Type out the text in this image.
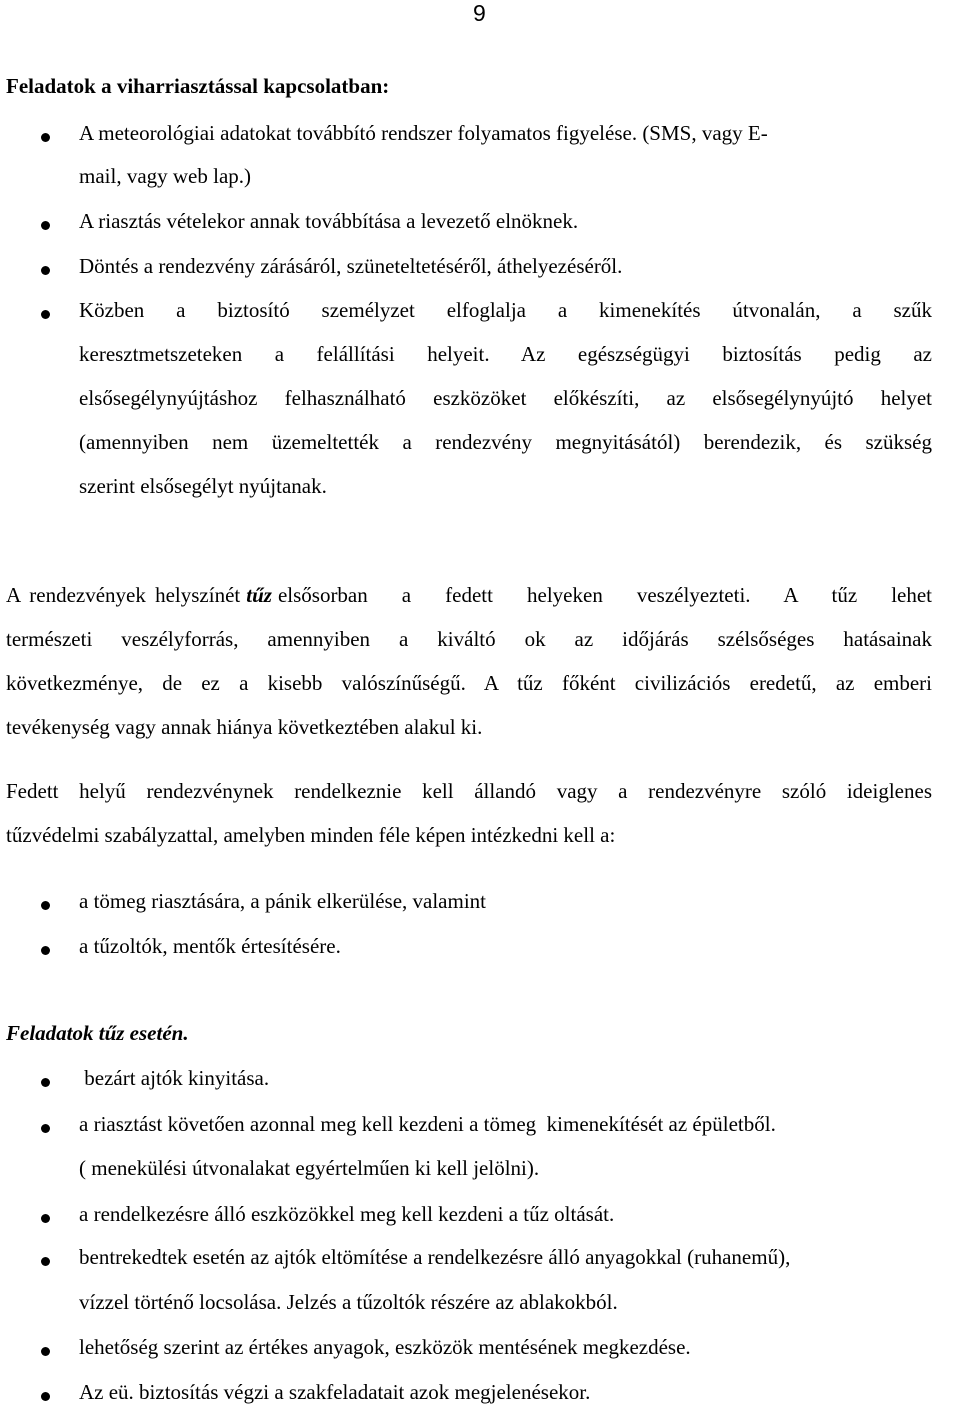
9
Feladatok a viharriasztással kapcsolatban:
A meteorológiai adatokat továbbító rendszer folyamatos figyelése. (SMS, vagy E-
mail, vagy web lap.)
A riasztás vételekor annak továbbítása a levezető elnöknek.
Döntés a rendezvény zárásáról, szüneteltetéséről, áthelyezéséről.
Közben a biztosító személyzet elfoglalja a kimenekítés útvonalán, a szűk
keresztmetszeteken a felállítási helyeit. Az egészségügyi biztosítás pedig az
elsősegélynyújtáshoz felhasználható eszközöket előkészíti, az elsősegélynyújtó helyet
(amennyiben nem üzemeltették a rendezvény megnyitásától) berendezik, és szükség
szerint elsősegélyt nyújtanak.
A rendezvények helyszínét tűz elsősorban a fedett helyeken veszélyezteti. A tűz lehet
természeti veszélyforrás, amennyiben a kiváltó ok az időjárás szélsőséges hatásainak
következménye, de ez a kisebb valószínűségű. A tűz főként civilizációs eredetű, az emberi
tevékenység vagy annak hiánya következtében alakul ki.
Fedett helyű rendezvénynek rendelkeznie kell állandó vagy a rendezvényre szóló ideiglenes
tűzvédelmi szabályzattal, amelyben minden féle képen intézkedni kell a:
a tömeg riasztására, a pánik elkerülése, valamint
a tűzoltók, mentők értesítésére.
Feladatok tűz esetén.
bezárt ajtók kinyitása.
a riasztást követően azonnal meg kell kezdeni a tömeg  kimenekítését az épületből.
( menekülési útvonalakat egyértelműen ki kell jelölni).
a rendelkezésre álló eszközökkel meg kell kezdeni a tűz oltását.
bentrekedtek esetén az ajtók eltömítése a rendelkezésre álló anyagokkal (ruhanemű),
vízzel történő locsolása. Jelzés a tűzoltók részére az ablakokból.
lehetőség szerint az értékes anyagok, eszközök mentésének megkezdése.
Az eü. biztosítás végzi a szakfeladatait azok megjelenésekor.
